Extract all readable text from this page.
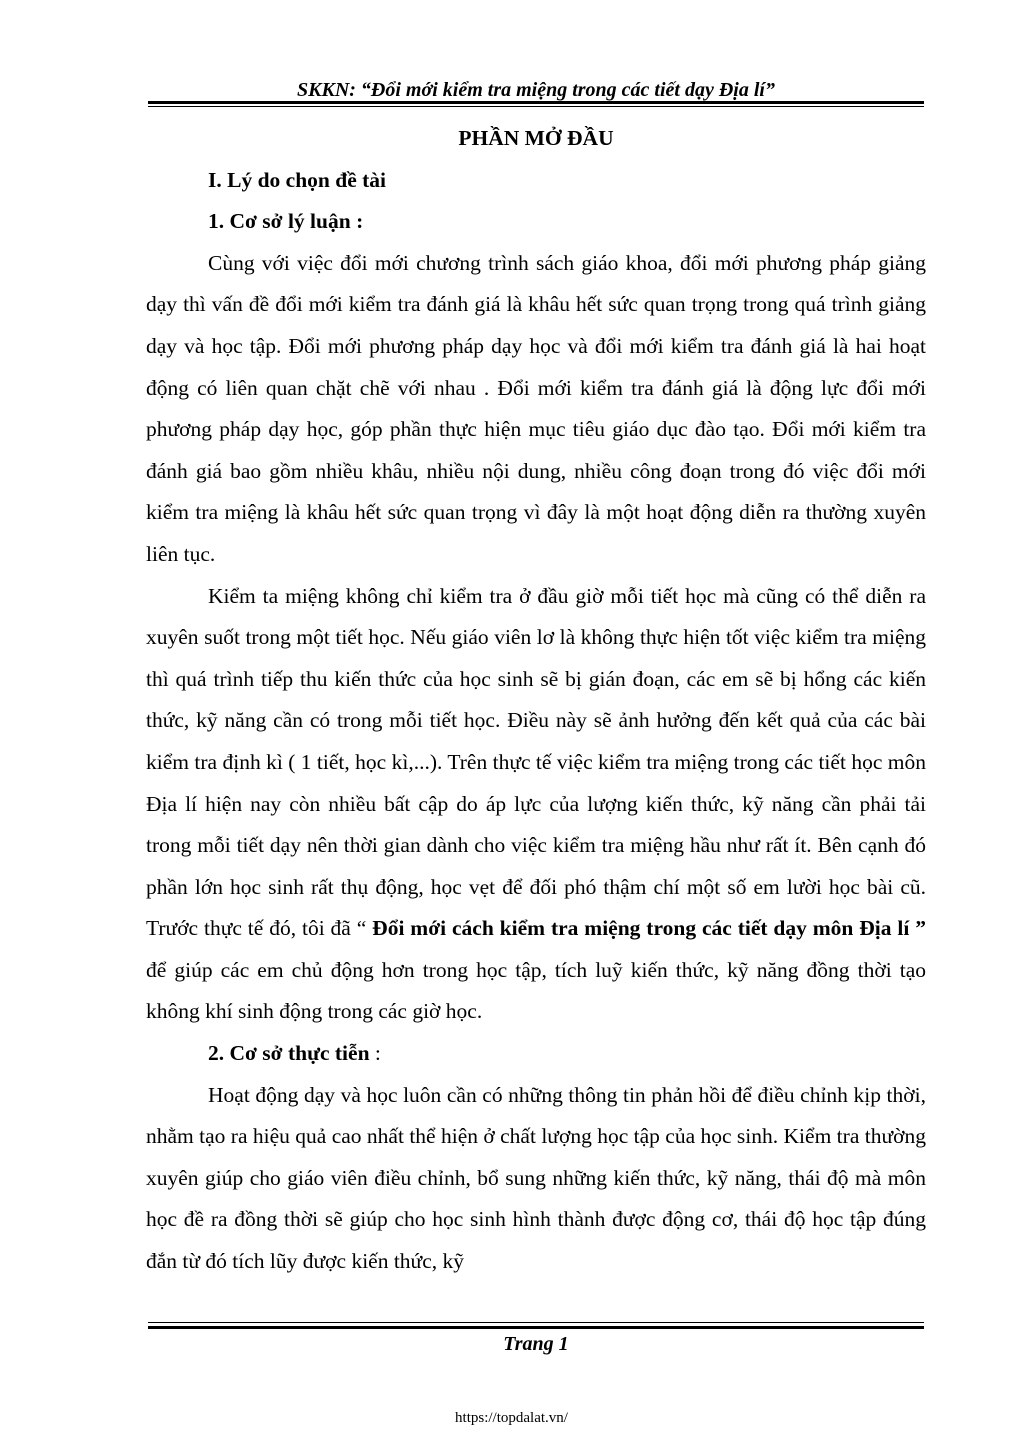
SKKN: “Đổi mới kiểm tra miệng trong các tiết dạy Địa lí”

PHẦN MỞ ĐẦU

I. Lý do chọn đề tài

1. Cơ sở lý luận :

Cùng với việc đổi mới chương trình sách giáo khoa, đổi mới phương pháp giảng dạy thì vấn đề đổi mới kiểm tra đánh giá là khâu hết sức quan trọng trong quá trình giảng dạy và học tập. Đổi mới phương pháp dạy học và đổi mới kiểm tra đánh giá là hai hoạt động có liên quan chặt chẽ với nhau . Đổi mới kiểm tra đánh giá là động lực đổi mới phương pháp dạy học, góp phần thực hiện mục tiêu giáo dục đào tạo. Đổi mới kiểm tra đánh giá bao gồm nhiều khâu, nhiều nội dung, nhiều công đoạn trong đó việc đổi mới kiểm tra miệng là khâu hết sức quan trọng vì đây là một hoạt động diễn ra thường xuyên liên tục.

Kiểm ta miệng không chỉ kiểm tra ở đầu giờ mỗi tiết học mà cũng có thể diễn ra xuyên suốt trong một tiết học. Nếu giáo viên lơ là không thực hiện tốt việc kiểm tra miệng thì quá trình tiếp thu kiến thức của học sinh sẽ bị gián đoạn, các em sẽ bị hổng các kiến thức, kỹ năng cần có trong mỗi tiết học. Điều này sẽ ảnh hưởng đến kết quả của các bài kiểm tra định kì ( 1 tiết, học kì,...). Trên thực tế việc kiểm tra miệng trong các tiết học môn Địa lí hiện nay còn nhiều bất cập do áp lực của lượng kiến thức, kỹ năng cần phải tải trong mỗi tiết dạy nên thời gian dành cho việc kiểm tra miệng hầu như rất ít. Bên cạnh đó phần lớn học sinh rất thụ động, học vẹt để đối phó thậm chí một số em lười học bài cũ. Trước thực tế đó, tôi đã “ Đổi mới cách kiểm tra miệng trong các tiết dạy môn Địa lí ” để giúp các em chủ động hơn trong học tập, tích luỹ kiến thức, kỹ năng đồng thời tạo không khí sinh động trong các giờ học.

2. Cơ sở thực tiễn :

Hoạt động dạy và học luôn cần có những thông tin phản hồi để điều chỉnh kịp thời, nhằm tạo ra hiệu quả cao nhất thể hiện ở chất lượng học tập của học sinh. Kiểm tra thường xuyên giúp cho giáo viên điều chỉnh, bổ sung những kiến thức, kỹ năng, thái độ mà môn học đề ra đồng thời sẽ giúp cho học sinh hình thành được động cơ, thái độ học tập đúng đắn từ đó tích lũy được kiến thức, kỹ

Trang 1
https://topdalat.vn/
